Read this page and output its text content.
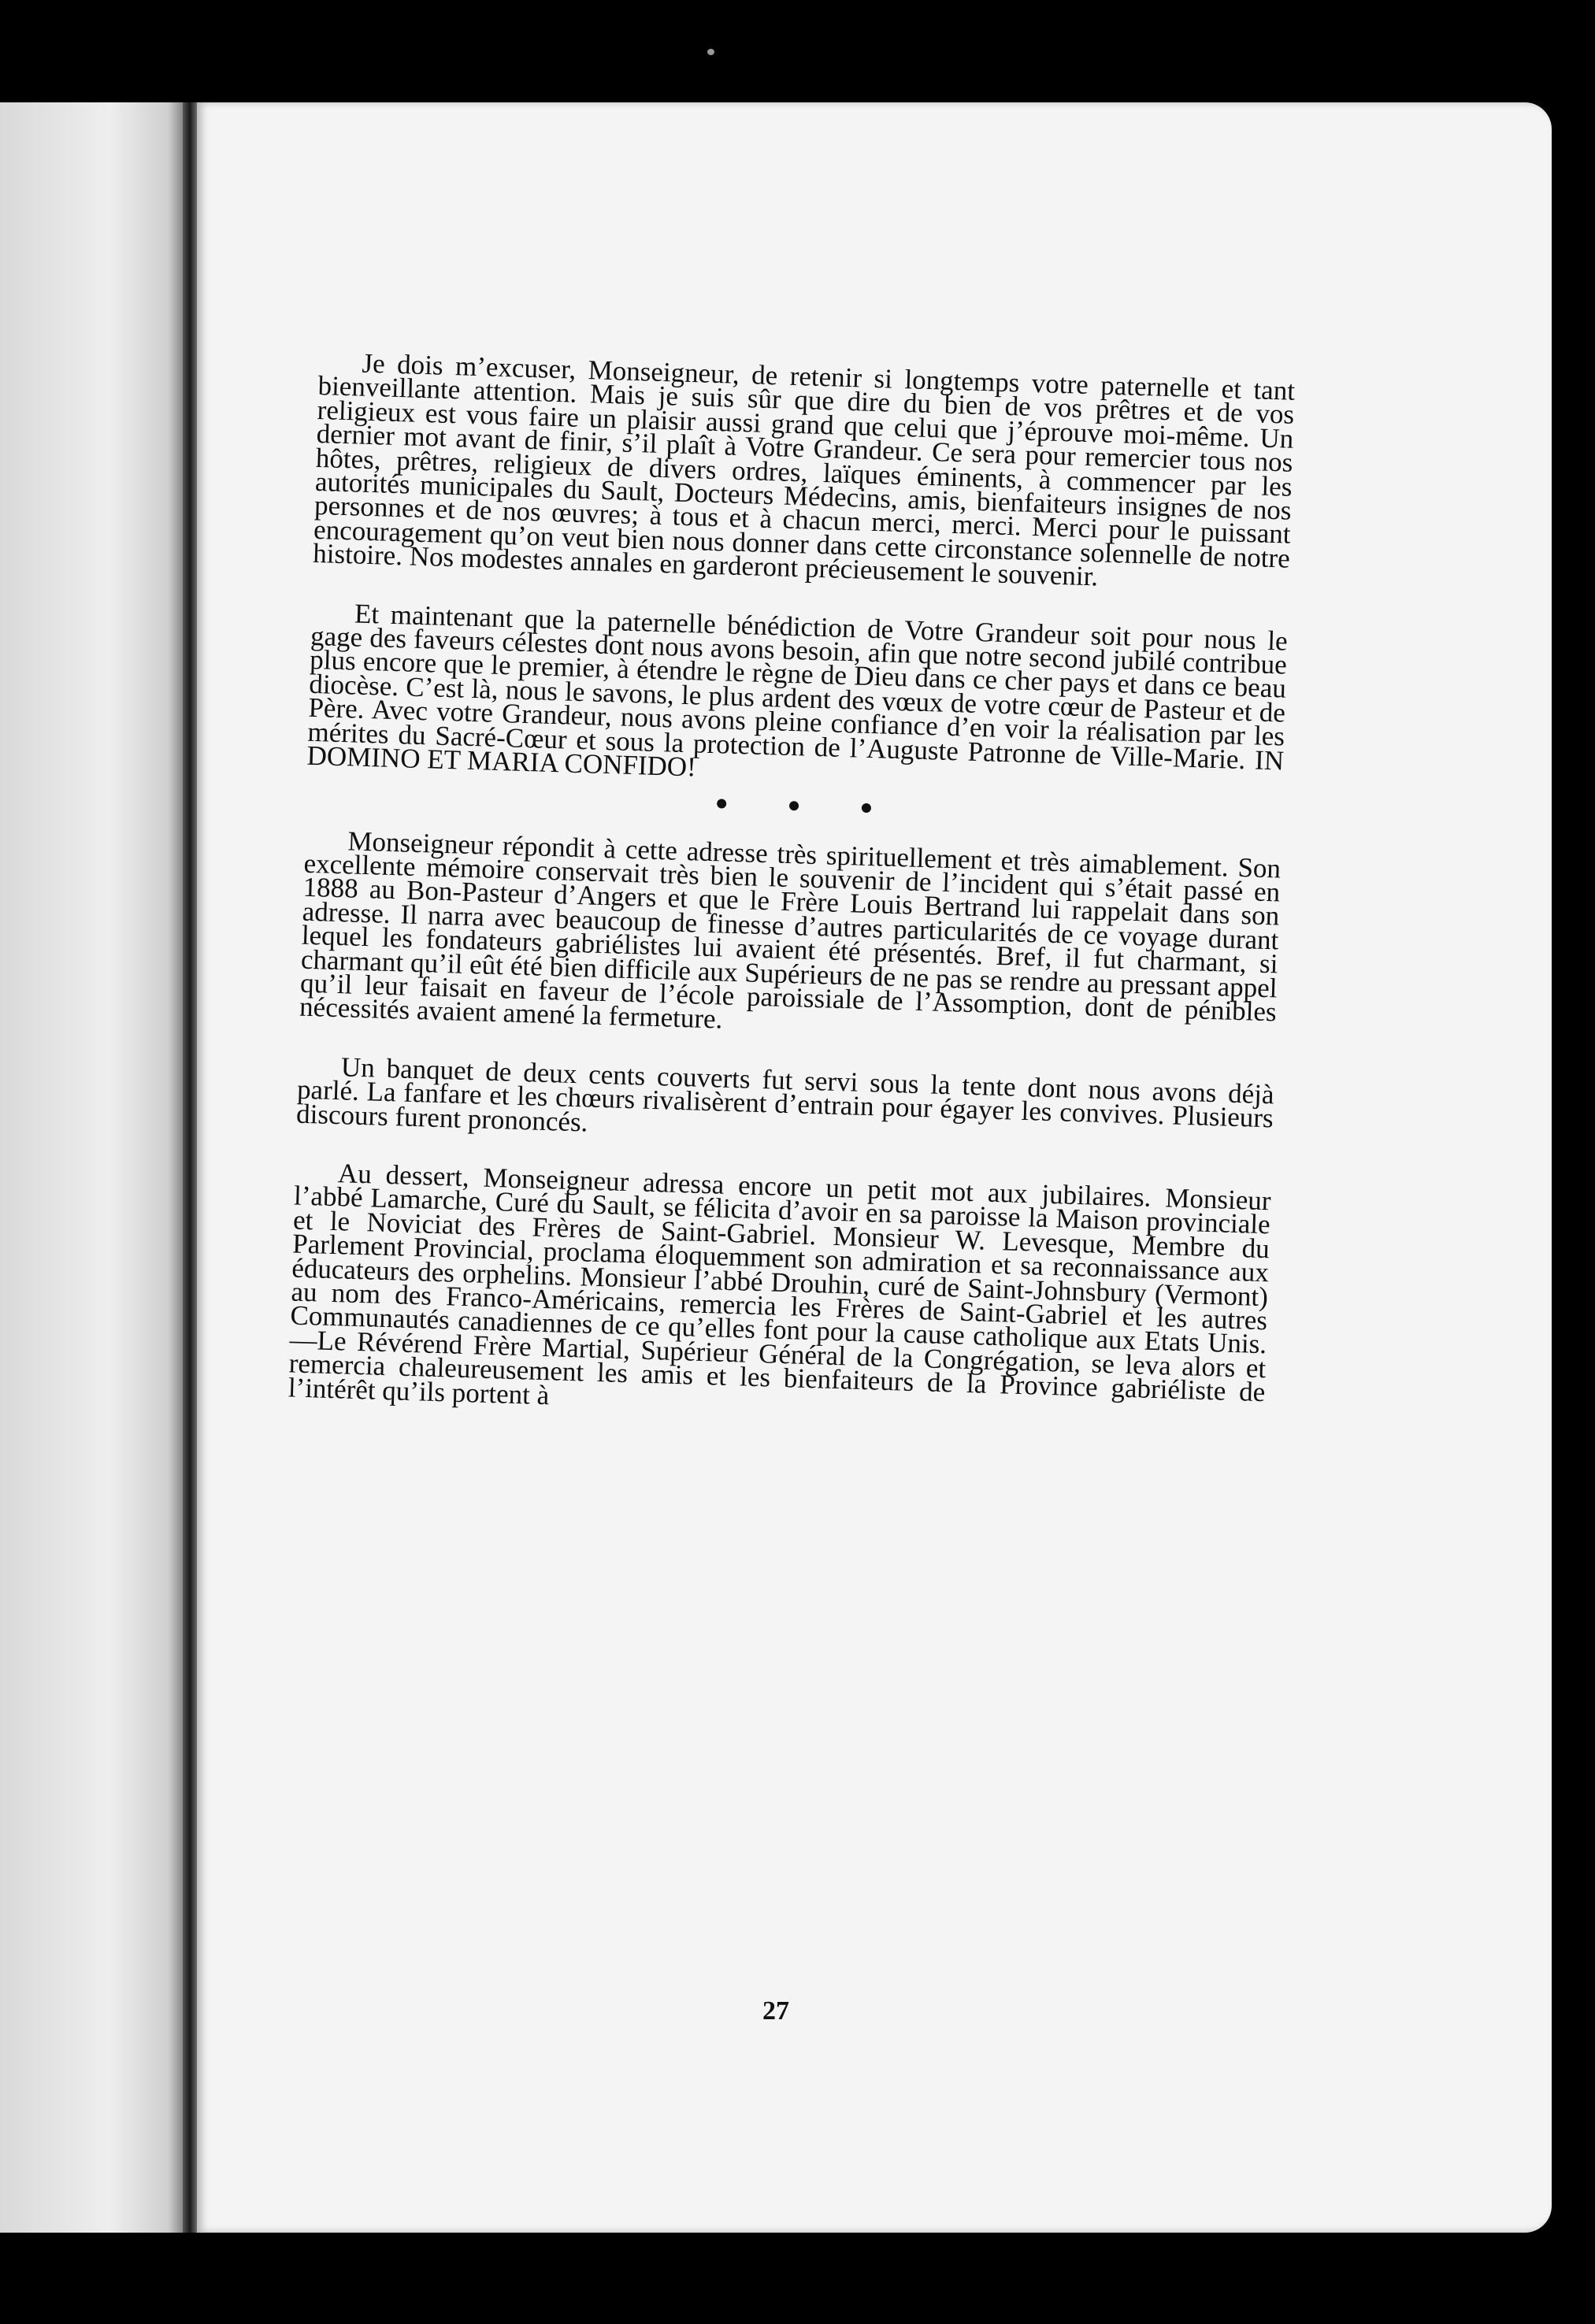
Je dois m’excuser, Monseigneur, de retenir si longtemps votre paternelle et tant bienveillante attention. Mais je suis sûr que dire du bien de vos prêtres et de vos religieux est vous faire un plaisir aussi grand que celui que j’éprouve moi-même. Un dernier mot avant de finir, s’il plaît à Votre Grandeur. Ce sera pour remercier tous nos hôtes, prêtres, religieux de divers ordres, laïques éminents, à commencer par les autorités municipales du Sault, Docteurs Médecins, amis, bienfaiteurs insignes de nos personnes et de nos œuvres; à tous et à chacun merci, merci. Merci pour le puissant encouragement qu’on veut bien nous donner dans cette circonstance solennelle de notre histoire. Nos modestes annales en garderont précieusement le souvenir.

Et maintenant que la paternelle bénédiction de Votre Grandeur soit pour nous le gage des faveurs célestes dont nous avons besoin, afin que notre second jubilé contribue plus encore que le premier, à étendre le règne de Dieu dans ce cher pays et dans ce beau diocèse. C’est là, nous le savons, le plus ardent des vœux de votre cœur de Pasteur et de Père. Avec votre Grandeur, nous avons pleine confiance d’en voir la réalisation par les mérites du Sacré-Cœur et sous la protection de l’Auguste Patronne de Ville-Marie. IN DOMINO ET MARIA CONFIDO!

●	●	●

Monseigneur répondit à cette adresse très spirituellement et très aimablement. Son excellente mémoire conservait très bien le souvenir de l’incident qui s’était passé en 1888 au Bon-Pasteur d’Angers et que le Frère Louis Bertrand lui rappelait dans son adresse. Il narra avec beaucoup de finesse d’autres particularités de ce voyage durant lequel les fondateurs gabriélistes lui avaient été présentés. Bref, il fut charmant, si charmant qu’il eût été bien difficile aux Supérieurs de ne pas se rendre au pressant appel qu’il leur faisait en faveur de l’école paroissiale de l’Assomption, dont de pénibles nécessités avaient amené la fermeture.

Un banquet de deux cents couverts fut servi sous la tente dont nous avons déjà parlé. La fanfare et les chœurs rivalisèrent d’entrain pour égayer les convives. Plusieurs discours furent prononcés.

Au dessert, Monseigneur adressa encore un petit mot aux jubilaires. Monsieur l’abbé Lamarche, Curé du Sault, se félicita d’avoir en sa paroisse la Maison provinciale et le Noviciat des Frères de Saint-Gabriel. Monsieur W. Levesque, Membre du Parlement Provincial, proclama éloquemment son admiration et sa reconnaissance aux éducateurs des orphelins. Monsieur l’abbé Drouhin, curé de Saint-Johnsbury (Vermont) au nom des Franco-Américains, remercia les Frères de Saint-Gabriel et les autres Communautés canadiennes de ce qu’elles font pour la cause catholique aux Etats Unis.—Le Révérend Frère Martial, Supérieur Général de la Congrégation, se leva alors et remercia chaleureusement les amis et les bienfaiteurs de la Province gabriéliste de l’intérêt qu’ils portent à

27
